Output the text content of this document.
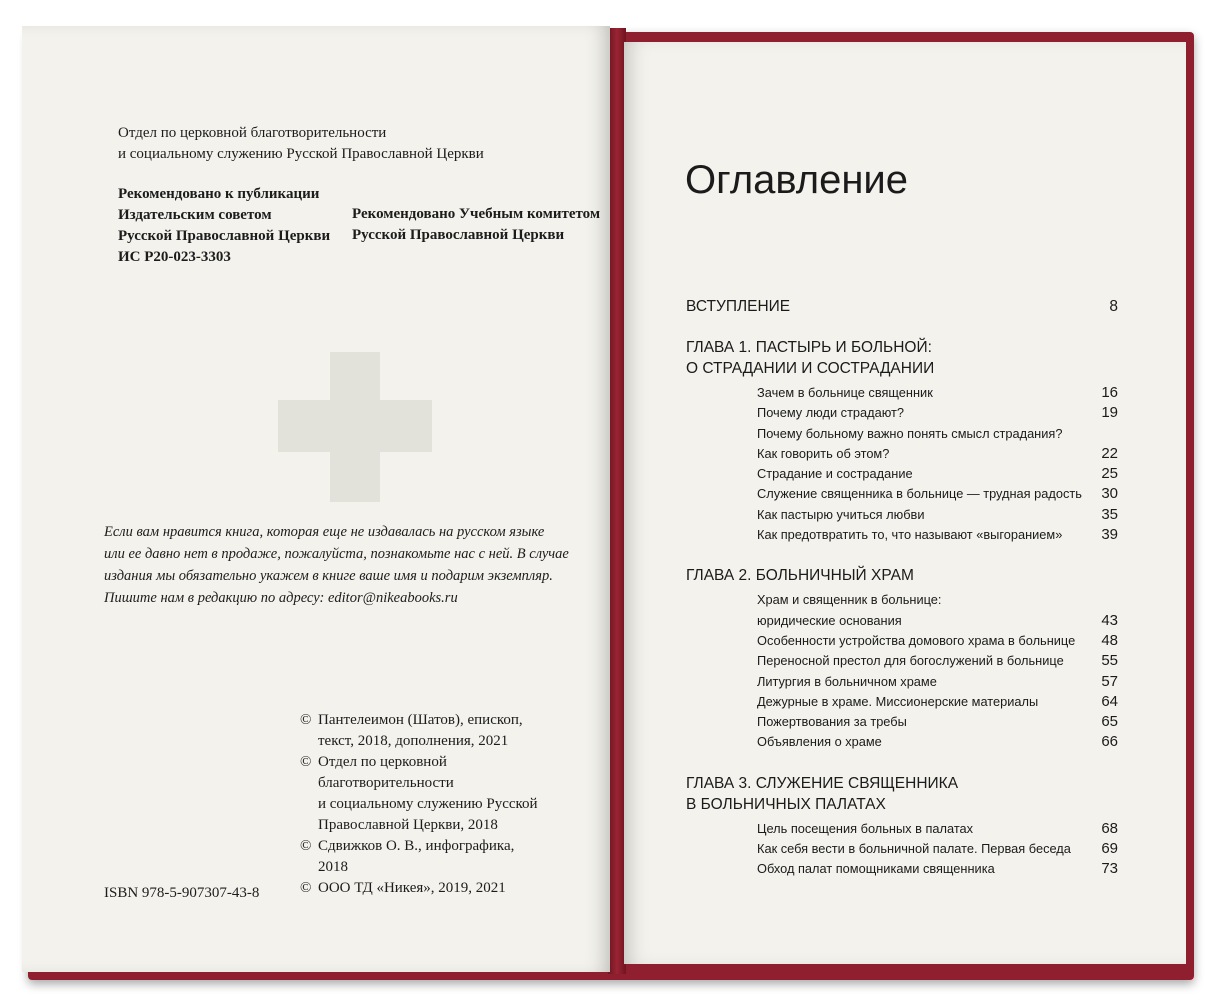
Отдел по церковной благотворительности
и социальному служению Русской Православной Церкви
Рекомендовано к публикации
Издательским советом
Русской Православной Церкви
ИС Р20-023-3303
Рекомендовано Учебным комитетом
Русской Православной Церкви
Если вам нравится книга, которая еще не издавалась на русском языке
или ее давно нет в продаже, пожалуйста, познакомьте нас с ней. В случае
издания мы обязательно укажем в книге ваше имя и подарим экземпляр.
Пишите нам в редакцию по адресу: editor@nikeabooks.ru
© Пантелеимон (Шатов), епископ,
текст, 2018, дополнения, 2021
© Отдел по церковной
благотворительности
и социальному служению Русской
Православной Церкви, 2018
© Сдвижков О. В., инфографика,
2018
© ООО ТД «Никея», 2019, 2021
ISBN 978-5-907307-43-8
Оглавление
ВСТУПЛЕНИЕ	8
ГЛАВА 1. ПАСТЫРЬ И БОЛЬНОЙ:
О СТРАДАНИИ И СОСТРАДАНИИ
Зачем в больнице священник	16
Почему люди страдают?	19
Почему больному важно понять смысл страдания?
Как говорить об этом?	22
Страдание и сострадание	25
Служение священника в больнице — трудная радость 30
Как пастырю учиться любви	35
Как предотвратить то, что называют «выгоранием»	39
ГЛАВА 2. БОЛЬНИЧНЫЙ ХРАМ
Храм и священник в больнице:
юридические основания	43
Особенности устройства домового храма в больнице 48
Переносной престол для богослужений в больнице	55
Литургия в больничном храме	57
Дежурные в храме. Миссионерские материалы	64
Пожертвования за требы	65
Объявления о храме	66
ГЛАВА 3. СЛУЖЕНИЕ СВЯЩЕННИКА
В БОЛЬНИЧНЫХ ПАЛАТАХ
Цель посещения больных в палатах	68
Как себя вести в больничной палате. Первая беседа 69
Обход палат помощниками священника	73
